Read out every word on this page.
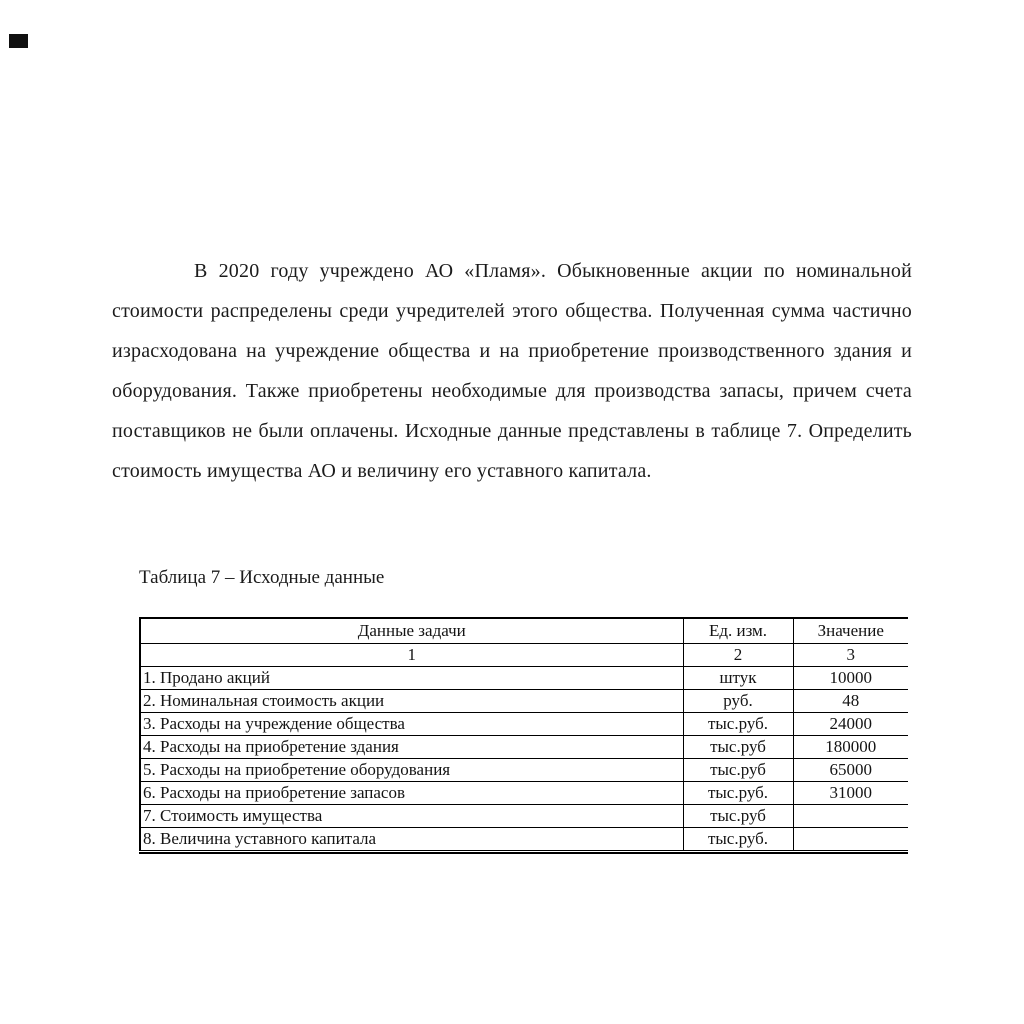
В 2020 году учреждено АО «Пламя». Обыкновенные акции по номинальной стоимости распределены среди учредителей этого общества. Полученная сумма частично израсходована на учреждение общества и на приобретение производственного здания и оборудования. Также приобретены необходимые для производства запасы, причем счета поставщиков не были оплачены. Исходные данные представлены в таблице 7. Определить стоимость имущества АО и величину его уставного капитала.

Таблица 7 – Исходные данные
Данные задачи	Ед. изм.	Значение
1	2	3
1. Продано акций	штук	10000
2. Номинальная стоимость акции	руб.	48
3. Расходы на учреждение общества	тыс.руб.	24000
4. Расходы на приобретение здания	тыс.руб	180000
5. Расходы на приобретение оборудования	тыс.руб	65000
6. Расходы на приобретение запасов	тыс.руб.	31000
7. Стоимость имущества	тыс.руб	
8. Величина уставного капитала	тыс.руб.	
